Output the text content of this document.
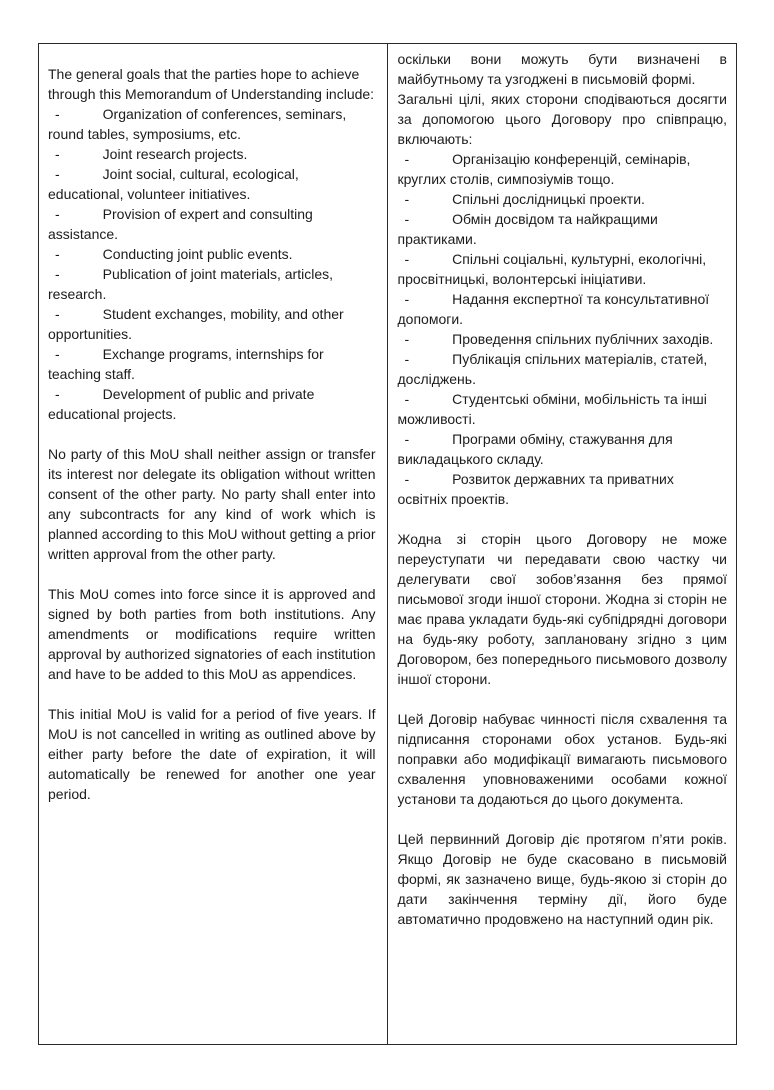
The general goals that the parties hope to achieve through this Memorandum of Understanding include:

-	Organization of conferences, seminars, round tables, symposiums, etc.
-	Joint research projects.
-	Joint social, cultural, ecological, educational, volunteer initiatives.
-	Provision of expert and consulting assistance.
-	Conducting joint public events.
-	Publication of joint materials, articles, research.
-	Student exchanges, mobility, and other opportunities.
-	Exchange programs, internships for teaching staff.
-	Development of public and private educational projects.

No party of this MoU shall neither assign or transfer its interest nor delegate its obligation without written consent of the other party. No party shall enter into any subcontracts for any kind of work which is planned according to this MoU without getting a prior written approval from the other party.

This MoU comes into force since it is approved and signed by both parties from both institutions. Any amendments or modifications require written approval by authorized signatories of each institution and have to be added to this MoU as appendices.

This initial MoU is valid for a period of five years. If MoU is not cancelled in writing as outlined above by either party before the date of expiration, it will automatically be renewed for another one year period.

оскільки вони можуть бути визначені в майбутньому та узгоджені в письмовій формі.

Загальні цілі, яких сторони сподіваються досягти за допомогою цього Договору про співпрацю, включають:

-	Організацію конференцій, семінарів, круглих столів, симпозіумів тощо.
-	Спільні дослідницькі проекти.
-	Обмін досвідом та найкращими практиками.
-	Спільні соціальні, культурні, екологічні, просвітницькі, волонтерські ініціативи.
-	Надання експертної та консультативної допомоги.
-	Проведення спільних публічних заходів.
-	Публікація спільних матеріалів, статей, досліджень.
-	Студентські обміни, мобільність та інші можливості.
-	Програми обміну, стажування для викладацького складу.
-	Розвиток державних та приватних освітніх проектів.

Жодна зі сторін цього Договору не може переуступати чи передавати свою частку чи делегувати свої зобов’язання без прямої письмової згоди іншої сторони. Жодна зі сторін не має права укладати будь-які субпідрядні договори на будь-яку роботу, заплановану згідно з цим Договором, без попереднього письмового дозволу іншої сторони.

Цей Договір набуває чинності після схвалення та підписання сторонами обох установ. Будь-які поправки або модифікації вимагають письмового схвалення уповноваженими особами кожної установи та додаються до цього документа.

Цей первинний Договір діє протягом п’яти років. Якщо Договір не буде скасовано в письмовій формі, як зазначено вище, будь-якою зі сторін до дати закінчення терміну дії, його буде автоматично продовжено на наступний один рік.
